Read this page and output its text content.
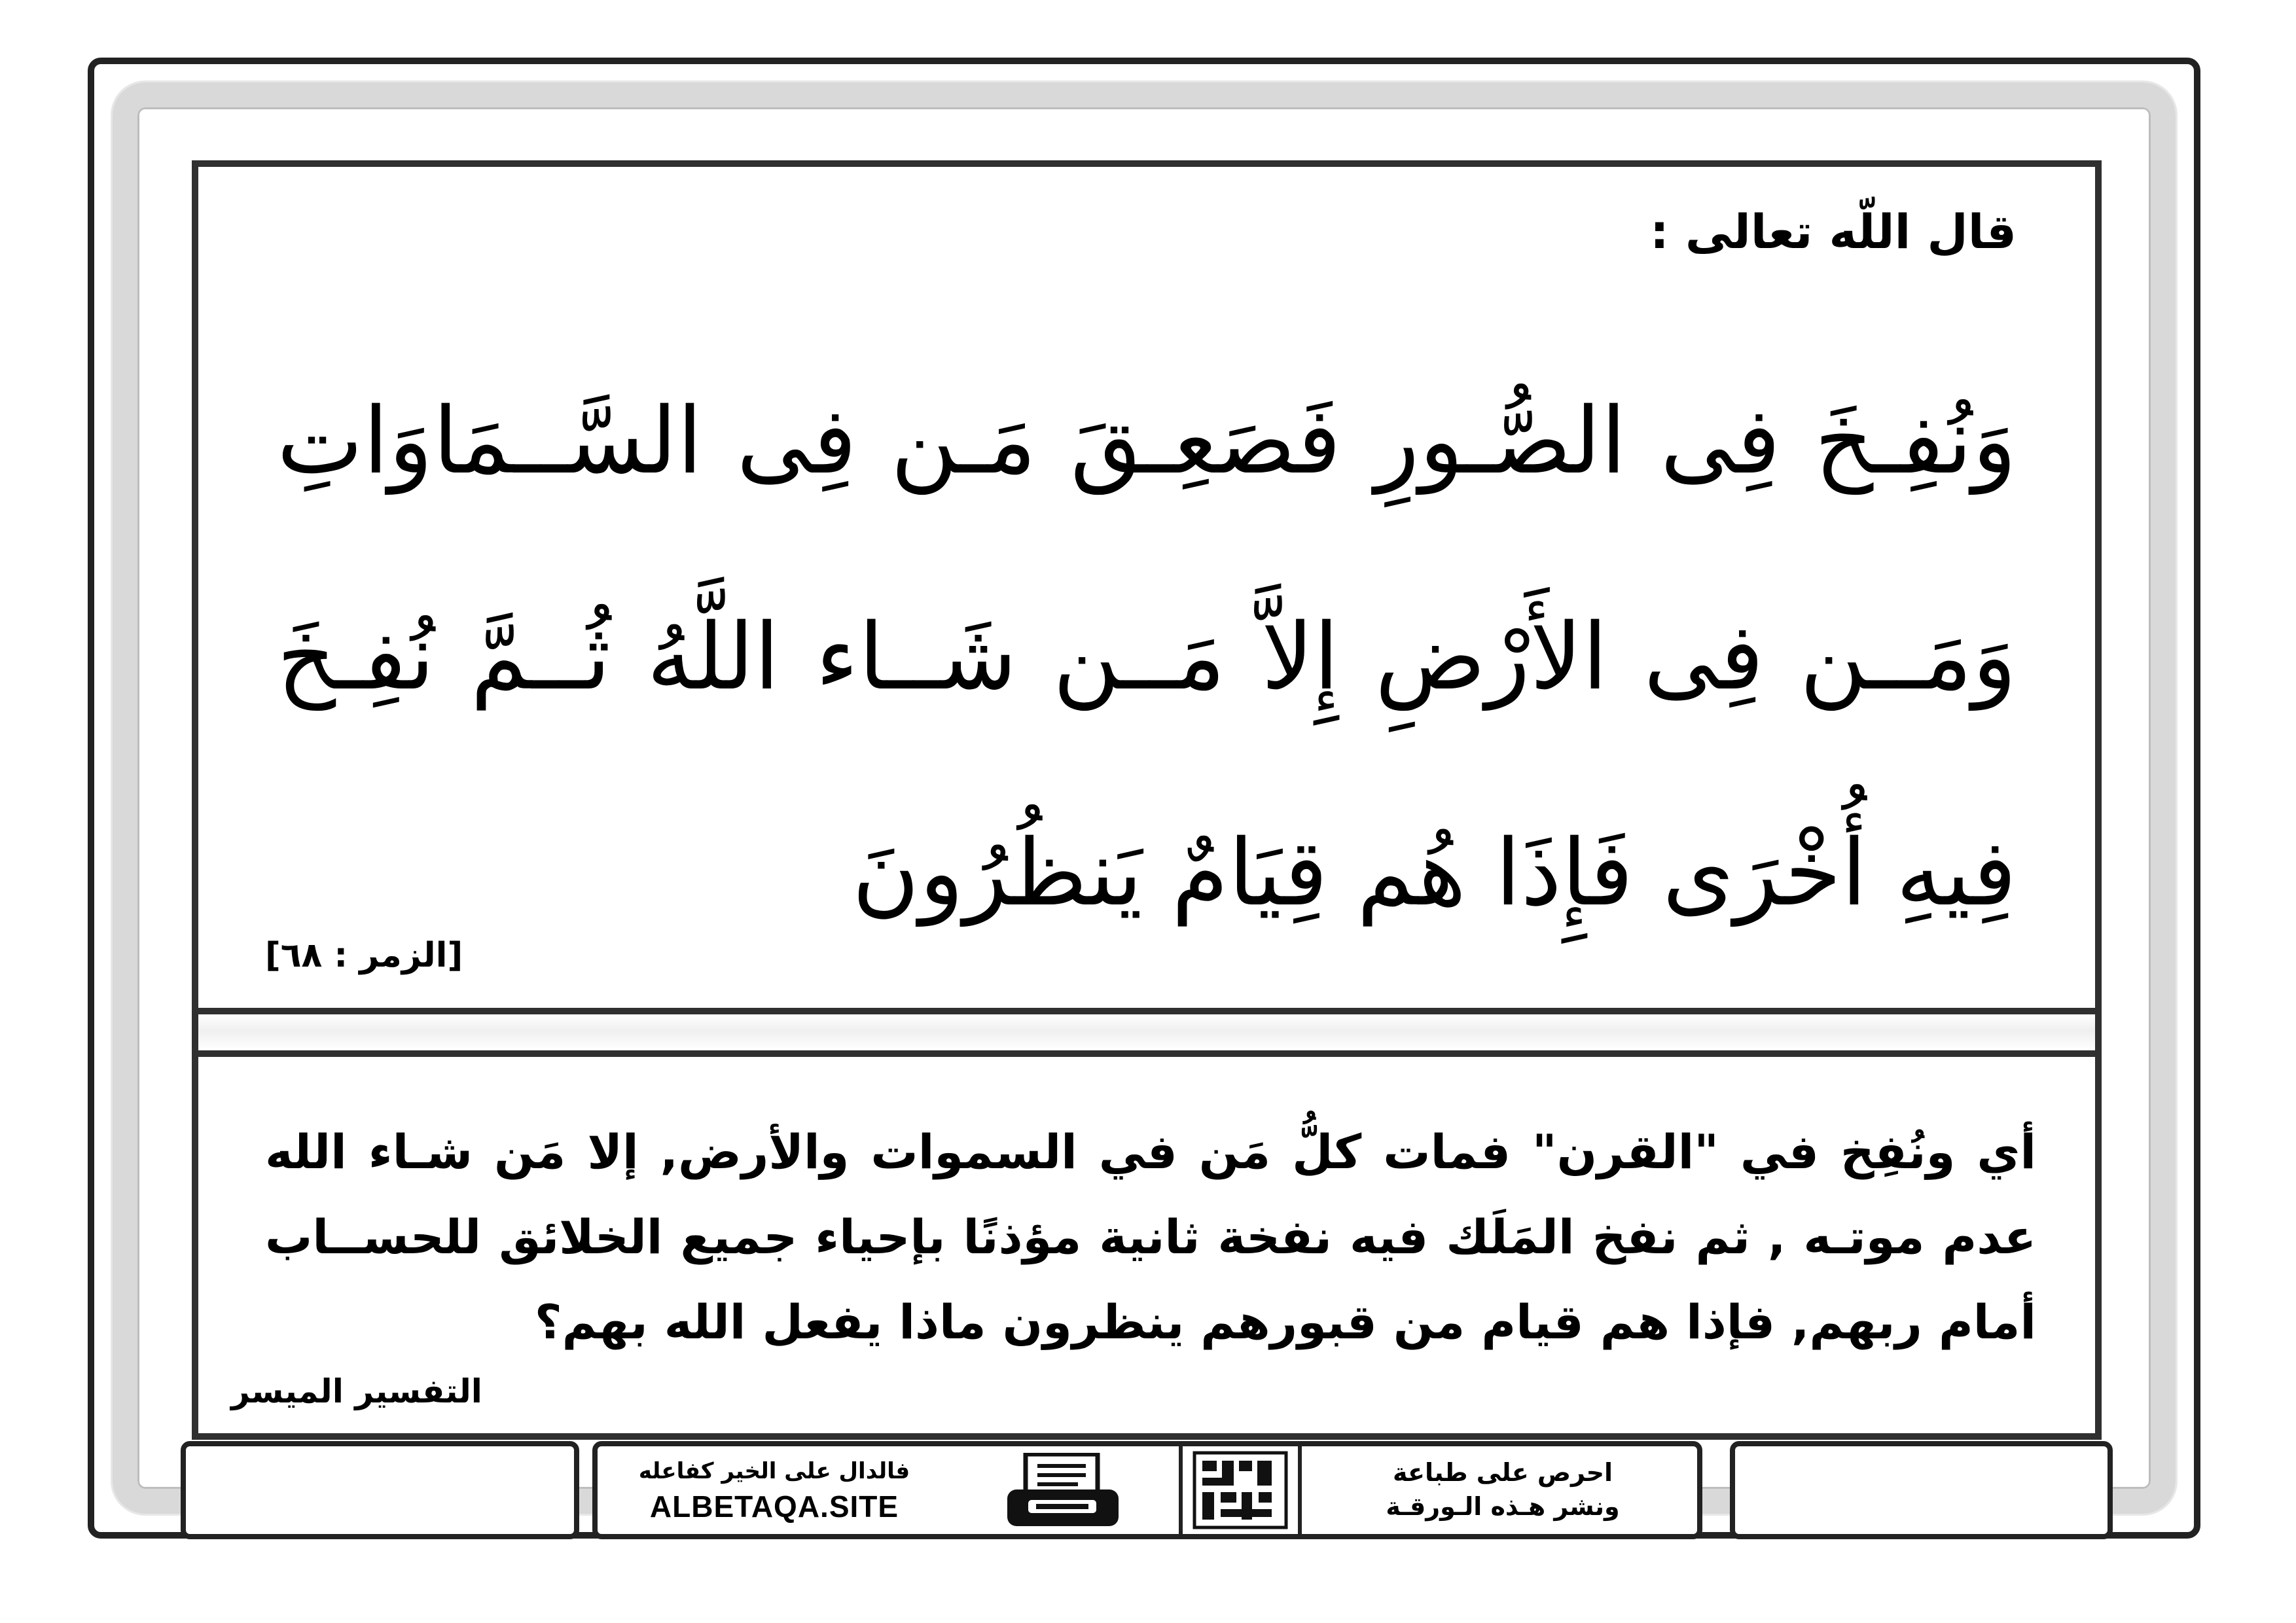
قال اللّه تعالى :
وَنُفِـخَ فِى الصُّـورِ فَصَعِـقَ مَـن فِى السَّــمَاوَاتِ
وَمَــن فِى الأَرْضِ إِلاَّ مَــن شَــاء اللَّهُ ثُــمَّ نُفِـخَ
فِيهِ أُخْرَى فَإِذَا هُم قِيَامٌ يَنظُرُونَ
[الزمر : ٦٨]
أي ونُفِخ في "القرن" فمات كلُّ مَن في السموات والأرض, إلا مَن شـاء الله عدم موتـه , ثم نفخ المَلَك فيه نفخة ثانية مؤذنًا بإحياء جميع الخلائق للحســاب أمام ربهم, فإذا هم قيام من قبورهم ينظرون ماذا يفعل الله بهم؟
التفسير الميسر
فالدال على الخير كفاعله
ALBETAQA.SITE
احرص على طباعة
ونشر هـذه الـورقـة
